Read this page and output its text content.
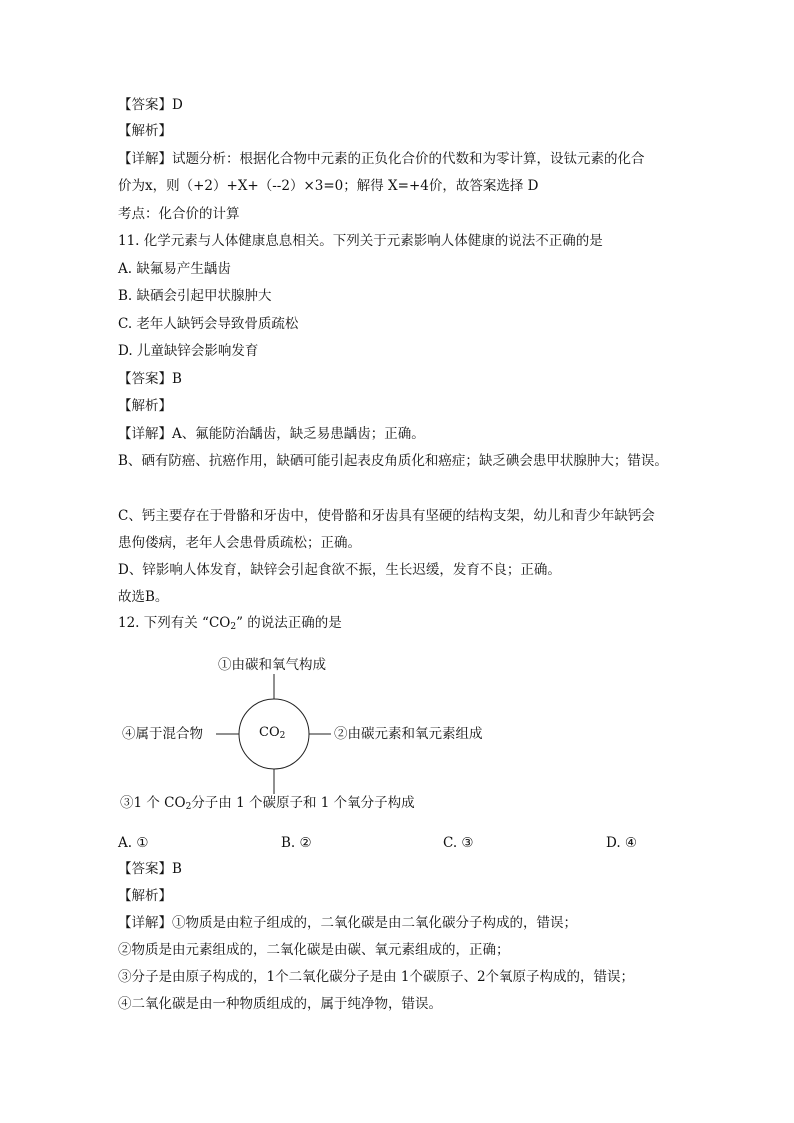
【答案】D
【解析】
【详解】试题分析：根据化合物中元素的正负化合价的代数和为零计算，设钛元素的化合
价为x，则（+2）+X+（--2）×3=0；解得 X=+4价，故答案选择 D
考点：化合价的计算
11. 化学元素与人体健康息息相关。下列关于元素影响人体健康的说法不正确的是
A. 缺氟易产生龋齿
B. 缺硒会引起甲状腺肿大
C. 老年人缺钙会导致骨质疏松
D. 儿童缺锌会影响发育
【答案】B
【解析】
【详解】A、氟能防治龋齿，缺乏易患龋齿；正确。
B、硒有防癌、抗癌作用，缺硒可能引起表皮角质化和癌症；缺乏碘会患甲状腺肿大；错误。
C、钙主要存在于骨骼和牙齿中，使骨骼和牙齿具有坚硬的结构支架，幼儿和青少年缺钙会
患佝偻病，老年人会患骨质疏松；正确。
D、锌影响人体发育，缺锌会引起食欲不振，生长迟缓，发育不良；正确。
故选B。
12. 下列有关 “$CO_2$” 的说法正确的是
$CO_2$
①由碳和氧气构成
②由碳元素和氧元素组成
④属于混合物
③1 个 $CO_2$分子由 1 个碳原子和 1 个氧分子构成
A. ①	B. ②	C. ③	D. ④
【答案】B
【解析】
【详解】①物质是由粒子组成的，二氧化碳是由二氧化碳分子构成的，错误；
②物质是由元素组成的，二氧化碳是由碳、氧元素组成的，正确；
③分子是由原子构成的，1个二氧化碳分子是由 1个碳原子、2个氧原子构成的，错误；
④二氧化碳是由一种物质组成的，属于纯净物，错误。
